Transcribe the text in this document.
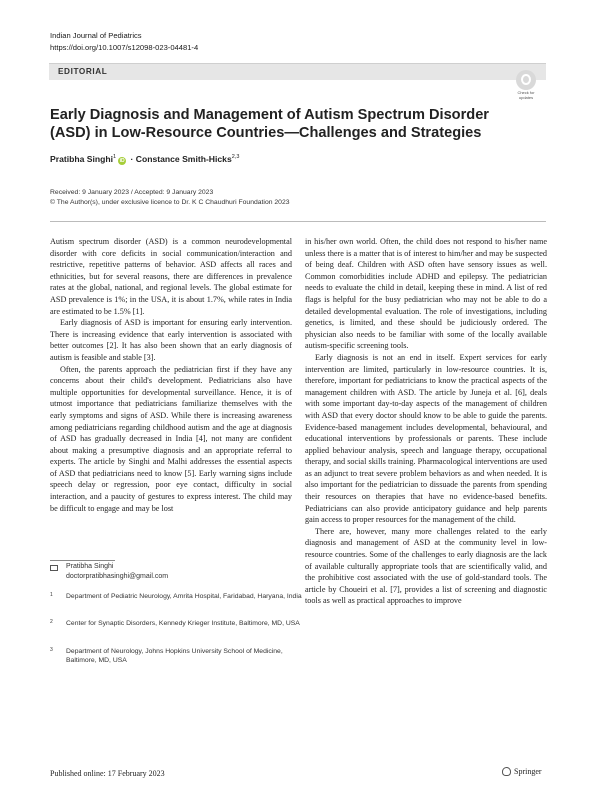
Indian Journal of Pediatrics
https://doi.org/10.1007/s12098-023-04481-4
EDITORIAL
Check for
updates
Early Diagnosis and Management of Autism Spectrum Disorder (ASD) in Low-Resource Countries—Challenges and Strategies
Pratibha Singhi$^1$iD · Constance Smith-Hicks$^{2,3}$
Received: 9 January 2023 / Accepted: 9 January 2023
© The Author(s), under exclusive licence to Dr. K C Chaudhuri Foundation 2023

Autism spectrum disorder (ASD) is a common neurodevelopmental disorder with core deficits in social communication/interaction and restrictive, repetitive patterns of behavior. ASD affects all races and ethnicities, but for several reasons, there are differences in prevalence rates at the global, national, and regional levels. The global estimate for ASD prevalence is 1%; in the USA, it is about 1.7%, while rates in India are estimated to be 1.5% [1].

Early diagnosis of ASD is important for ensuring early intervention. There is increasing evidence that early intervention is associated with better outcomes [2]. It has also been shown that an early diagnosis of autism is feasible and stable [3].

Often, the parents approach the pediatrician first if they have any concerns about their child's development. Pediatricians also have multiple opportunities for developmental surveillance. Hence, it is of utmost importance that pediatricians familiarize themselves with the early symptoms and signs of ASD. While there is increasing awareness among pediatricians regarding childhood autism and the age at diagnosis of ASD has gradually decreased in India [4], not many are confident about making a presumptive diagnosis and an appropriate referral to experts. The article by Singhi and Malhi addresses the essential aspects of ASD that pediatricians need to know [5]. Early warning signs include speech delay or regression, poor eye contact, difficulty in social interaction, and a paucity of gestures to express interest. The child may be difficult to engage and may be lost

in his/her own world. Often, the child does not respond to his/her name unless there is a matter that is of interest to him/her and may be suspected of being deaf. Children with ASD often have sensory issues as well. Common comorbidities include ADHD and epilepsy. The pediatrician needs to evaluate the child in detail, keeping these in mind. A list of red flags is helpful for the busy pediatrician who may not be able to do a detailed developmental evaluation. The role of investigations, including genetics, is limited, and these should be judiciously ordered. The physician also needs to be familiar with some of the locally available autism-specific screening tools.

Early diagnosis is not an end in itself. Expert services for early intervention are limited, particularly in low-resource countries. It is, therefore, important for pediatricians to know the practical aspects of the management children with ASD. The article by Juneja et al. [6], deals with some important day-to-day aspects of the management of children with ASD that every doctor should know to be able to guide the parents. Evidence-based management includes developmental, behavioural, and educational interventions by professionals or parents. These include applied behaviour analysis, speech and language therapy, occupational therapy, and social skills training. Pharmacological interventions are used as an adjunct to treat severe problem behaviors as and when needed. It is also important for the pediatrician to dissuade the parents from spending their resources on therapies that have no evidence-based benefits. Pediatricians can also provide anticipatory guidance and help parents gain access to proper resources for the management of the child.

There are, however, many more challenges related to the early diagnosis and management of ASD at the community level in low-resource countries. Some of the challenges to early diagnosis are the lack of available culturally appropriate tools that are scientifically valid, and the prohibitive cost associated with the use of gold-standard tools. The article by Choueiri et al. [7], provides a list of screening and diagnostic tools as well as practical approaches to improve

Pratibha Singhi
doctorpratibhasinghi@gmail.com
1 Department of Pediatric Neurology, Amrita Hospital, Faridabad, Haryana, India
2 Center for Synaptic Disorders, Kennedy Krieger Institute, Baltimore, MD, USA
3 Department of Neurology, Johns Hopkins University School of Medicine, Baltimore, MD, USA
Published online: 17 February 2023	Springer
